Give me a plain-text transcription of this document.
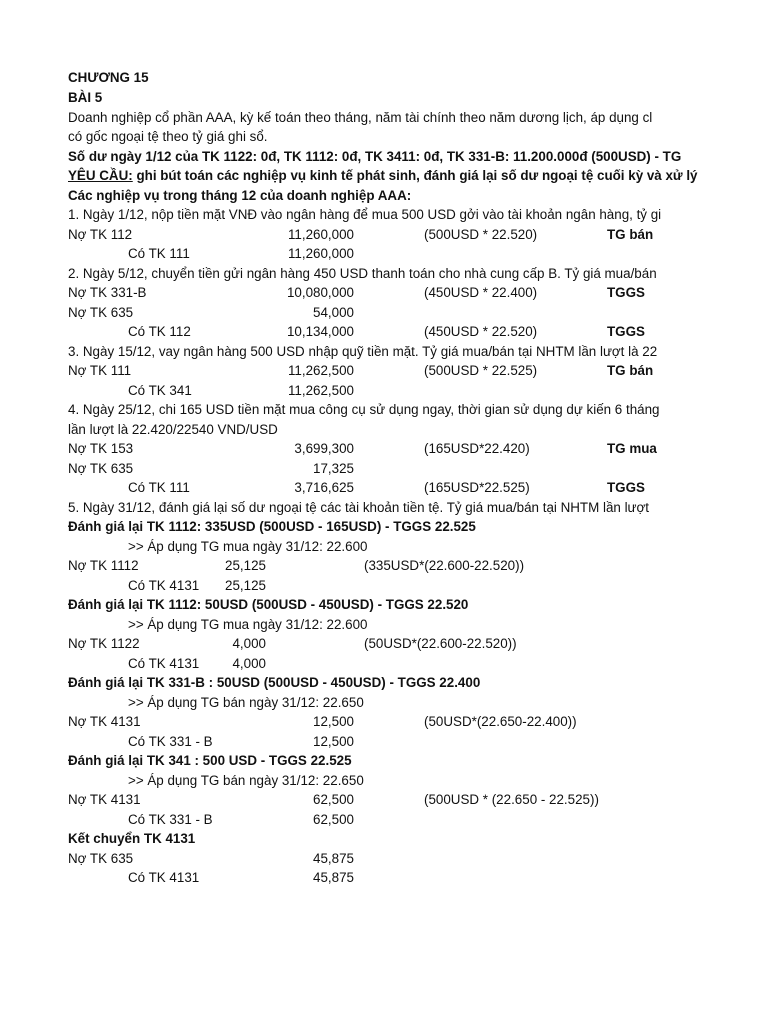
CHƯƠNG 15
BÀI 5
Doanh nghiệp cổ phần AAA, kỳ kế toán theo tháng, năm tài chính theo năm dương lịch, áp dụng cl
có gốc ngoại tệ theo tỷ giá ghi sổ.
Số dư ngày 1/12 của TK 1122: 0đ, TK 1112: 0đ, TK 3411: 0đ, TK 331-B: 11.200.000đ (500USD) - TG
YÊU CẦU: ghi bút toán các nghiệp vụ kinh tế phát sinh, đánh giá lại số dư ngoại tệ cuối kỳ và xử lý
Các nghiệp vụ trong tháng 12 của doanh nghiệp AAA:
1. Ngày 1/12, nộp tiền mặt VNĐ vào ngân hàng để mua 500 USD gởi vào tài khoản ngân hàng, tỷ gi
Nợ TK 112	11,260,000	(500USD * 22.520)	TG bán
Có TK 111	11,260,000
2. Ngày 5/12, chuyển tiền gửi ngân hàng 450 USD thanh toán cho nhà cung cấp B. Tỷ giá mua/bán
Nợ TK 331-B	10,080,000	(450USD * 22.400)	TGGS
Nợ TK 635	54,000
Có TK 112	10,134,000	(450USD * 22.520)	TGGS
3. Ngày 15/12, vay ngân hàng 500 USD nhập quỹ tiền mặt. Tỷ giá mua/bán tại NHTM lần lượt là 22
Nợ TK 111	11,262,500	(500USD * 22.525)	TG bán
Có TK 341	11,262,500
4. Ngày 25/12, chi 165 USD tiền mặt mua công cụ sử dụng ngay, thời gian sử dụng dự kiến 6 tháng
lần lượt là 22.420/22540 VND/USD
Nợ TK 153	3,699,300	(165USD*22.420)	TG mua
Nợ TK 635	17,325
Có TK 111	3,716,625	(165USD*22.525)	TGGS
5. Ngày 31/12, đánh giá lại số dư ngoại tệ các tài khoản tiền tệ. Tỷ giá mua/bán tại NHTM lần lượt
Đánh giá lại TK 1112: 335USD (500USD - 165USD) - TGGS 22.525
>> Áp dụng TG mua ngày 31/12: 22.600
Nợ TK 1112	25,125	(335USD*(22.600-22.520))
Có TK 4131 25,125
Đánh giá lại TK 1112: 50USD (500USD - 450USD) - TGGS 22.520
>> Áp dụng TG mua ngày 31/12: 22.600
Nợ TK 1122	4,000	(50USD*(22.600-22.520))
Có TK 4131 4,000
Đánh giá lại TK 331-B : 50USD (500USD - 450USD) - TGGS 22.400
>> Áp dụng TG bán ngày 31/12: 22.650
Nợ TK 4131	12,500	(50USD*(22.650-22.400))
Có TK 331 - B	12,500
Đánh giá lại TK 341 : 500 USD - TGGS 22.525
>> Áp dụng TG bán ngày 31/12: 22.650
Nợ TK 4131	62,500	(500USD * (22.650 - 22.525))
Có TK 331 - B	62,500
Kết chuyển TK 4131
Nợ TK 635	45,875
Có TK 4131	45,875
